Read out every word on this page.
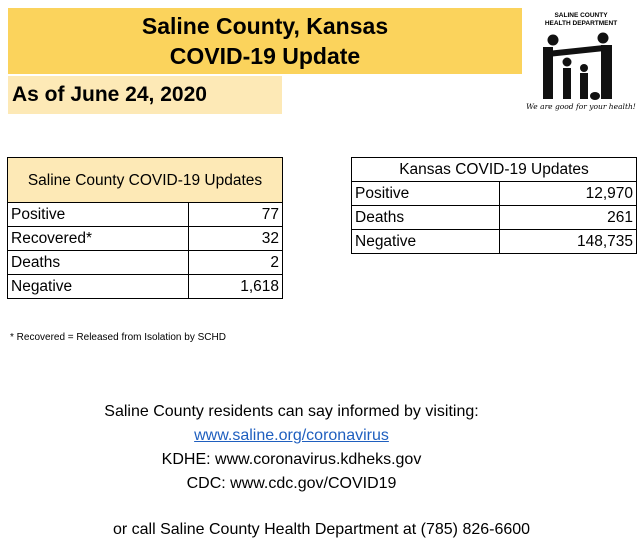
Saline County, Kansas
COVID-19 Update
As of June 24, 2020
SALINE COUNTY
HEALTH DEPARTMENT
We are good for your health!
Saline County COVID-19 Updates	
Positive	77
Recovered*	32
Deaths	2
Negative	1,618
Kansas COVID-19 Updates	
Positive	12,970
Deaths	261
Negative	148,735
* Recovered = Released from Isolation by SCHD
Saline County residents can say informed by visiting:
www.saline.org/coronavirus
KDHE: www.coronavirus.kdheks.gov
CDC: www.cdc.gov/COVID19
or call Saline County Health Department at (785) 826-6600
